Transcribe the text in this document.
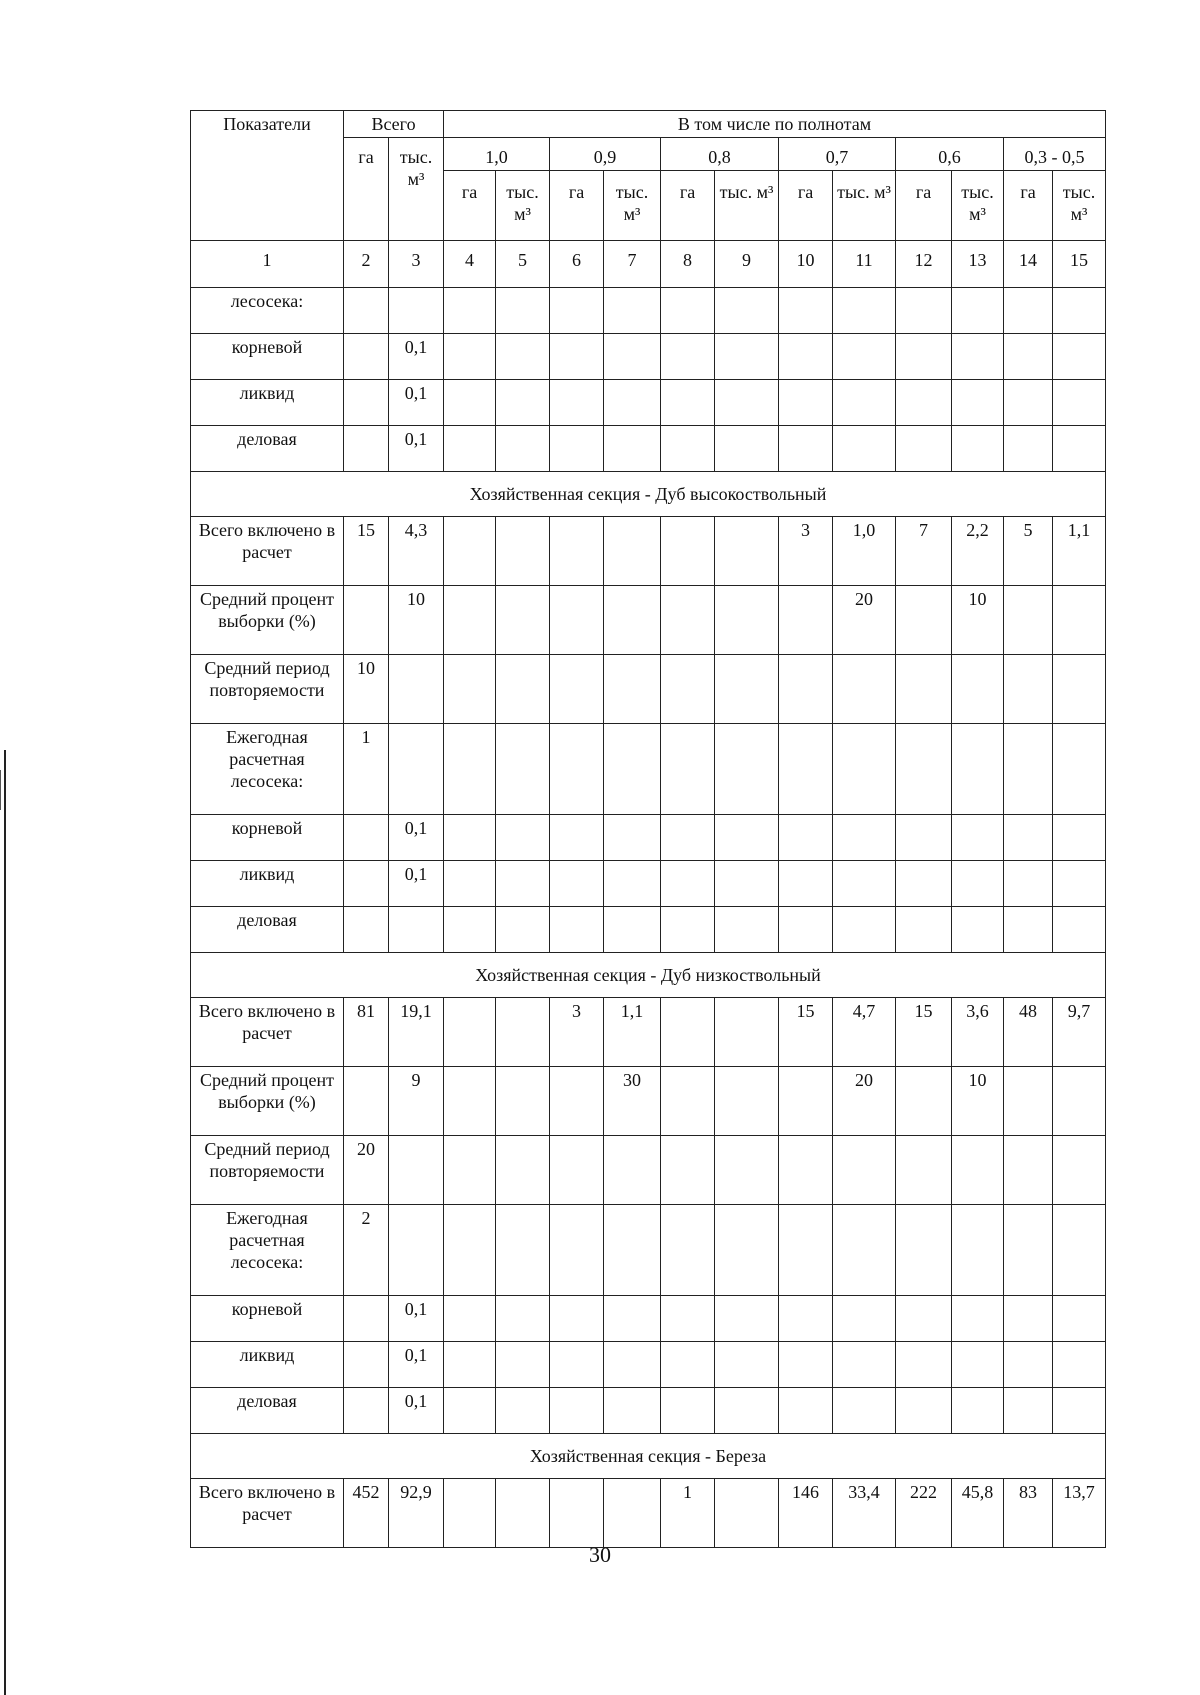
Показатели	Всего		В том числе по полнотам											
	га	тыс. м³	1,0		0,9		0,8		0,7		0,6		0,3 - 0,5	
			га	тыс. м³	га	тыс. м³	га	тыс. м³	га	тыс. м³	га	тыс. м³	га	тыс. м³
1	2	3	4	5	6	7	8	9	10	11	12	13	14	15
лесосека:														
корневой		0,1												
ликвид		0,1												
деловая		0,1												
Хозяйственная секция - Дуб высокоствольный														
Всего включено в расчет	15	4,3							3	1,0	7	2,2	5	1,1
Средний процент выборки (%)		10								20		10		
Средний период повторяемости	10													
Ежегодная расчетная лесосека:	1													
корневой		0,1												
ликвид		0,1												
деловая														
Хозяйственная секция - Дуб низкоствольный														
Всего включено в расчет	81	19,1			3	1,1			15	4,7	15	3,6	48	9,7
Средний процент выборки (%)		9				30				20		10		
Средний период повторяемости	20													
Ежегодная расчетная лесосека:	2													
корневой		0,1												
ликвид		0,1												
деловая		0,1												
Хозяйственная секция - Береза														
Всего включено в расчет	452	92,9					1		146	33,4	222	45,8	83	13,7
30
